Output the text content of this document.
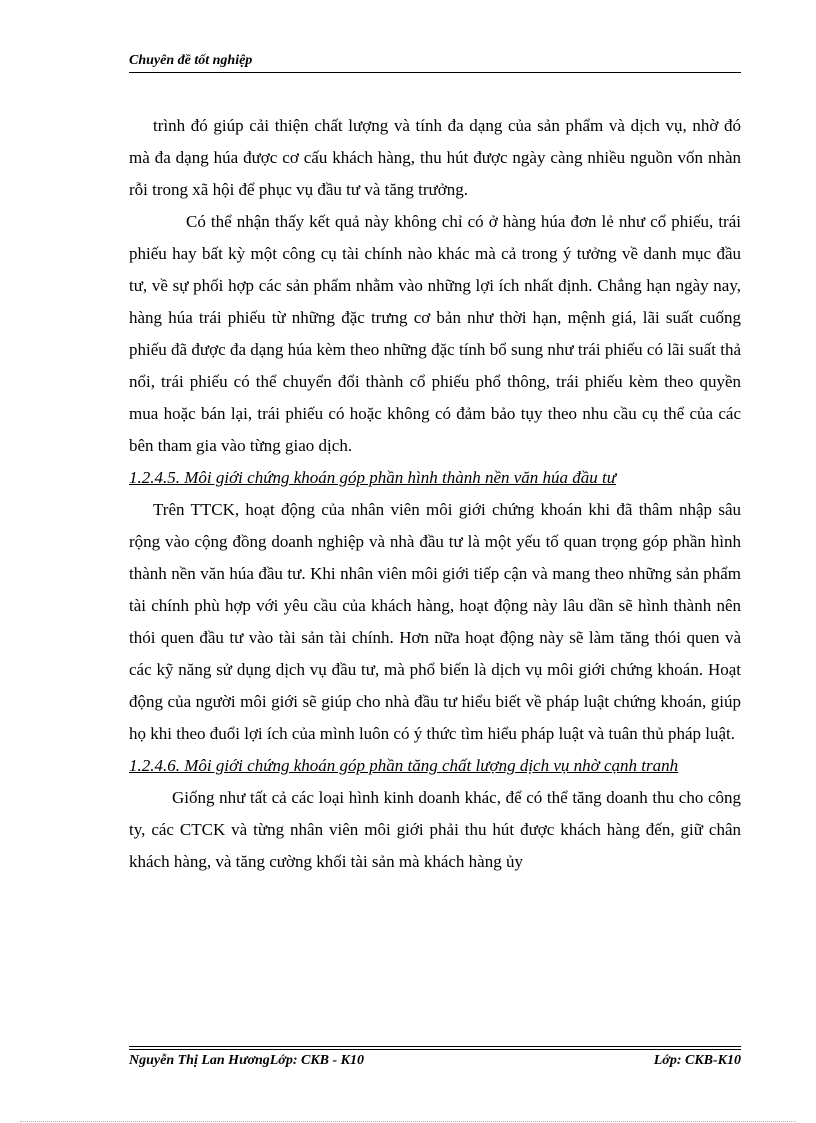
Chuyên đề tốt nghiệp

trình đó giúp cải thiện chất lượng và tính đa dạng của sản phẩm và dịch vụ, nhờ đó mà đa dạng húa được cơ cấu khách hàng, thu hút được ngày càng nhiều nguồn vốn nhàn rỗi trong xã hội để phục vụ đầu tư và tăng trưởng.

Có thể nhận thấy kết quả này không chỉ có ở hàng húa đơn lẻ như cổ phiếu, trái phiếu hay bất kỳ một công cụ tài chính nào khác mà cả trong ý tưởng về danh mục đầu tư, về sự phối hợp các sản phẩm nhằm vào những lợi ích nhất định. Chẳng hạn ngày nay, hàng húa trái phiếu từ những đặc trưng cơ bản như thời hạn, mệnh giá, lãi suất cuống phiếu đã được đa dạng húa kèm theo những đặc tính bổ sung như trái phiếu có lãi suất thả nổi, trái phiếu có thể chuyển đổi thành cổ phiếu phổ thông, trái phiếu kèm theo quyền mua hoặc bán lại, trái phiếu có hoặc không có đảm bảo tụy theo nhu cầu cụ thể của các bên tham gia vào từng giao dịch.

1.2.4.5. Môi giới chứng khoán góp phần hình thành nền văn húa đầu tư

Trên TTCK, hoạt động của nhân viên môi giới chứng khoán khi đã thâm nhập sâu rộng vào cộng đồng doanh nghiệp và nhà đầu tư là một yếu tố quan trọng góp phần hình thành nền văn húa đầu tư. Khi nhân viên môi giới tiếp cận và mang theo những sản phẩm tài chính phù hợp với yêu cầu của khách hàng, hoạt động này lâu dần sẽ hình thành nên thói quen đầu tư vào tài sản tài chính. Hơn nữa hoạt động này sẽ làm tăng thói quen và các kỹ năng sử dụng dịch vụ đầu tư, mà phổ biến là dịch vụ môi giới chứng khoán. Hoạt động của người môi giới sẽ giúp cho nhà đầu tư hiểu biết về pháp luật chứng khoán, giúp họ khi theo đuổi lợi ích của mình luôn có ý thức tìm hiểu pháp luật và tuân thủ pháp luật.

1.2.4.6. Môi giới chứng khoán góp phần tăng chất lượng dịch vụ nhờ cạnh tranh

Giống như tất cả các loại hình kinh doanh khác, để có thể tăng doanh thu cho công ty, các CTCK và từng nhân viên môi giới phải thu hút được khách hàng đến, giữ chân khách hàng, và tăng cường khối tài sản mà khách hàng ủy

Nguyễn Thị Lan HươngLớp: CKB - K10	Lớp: CKB-K10
